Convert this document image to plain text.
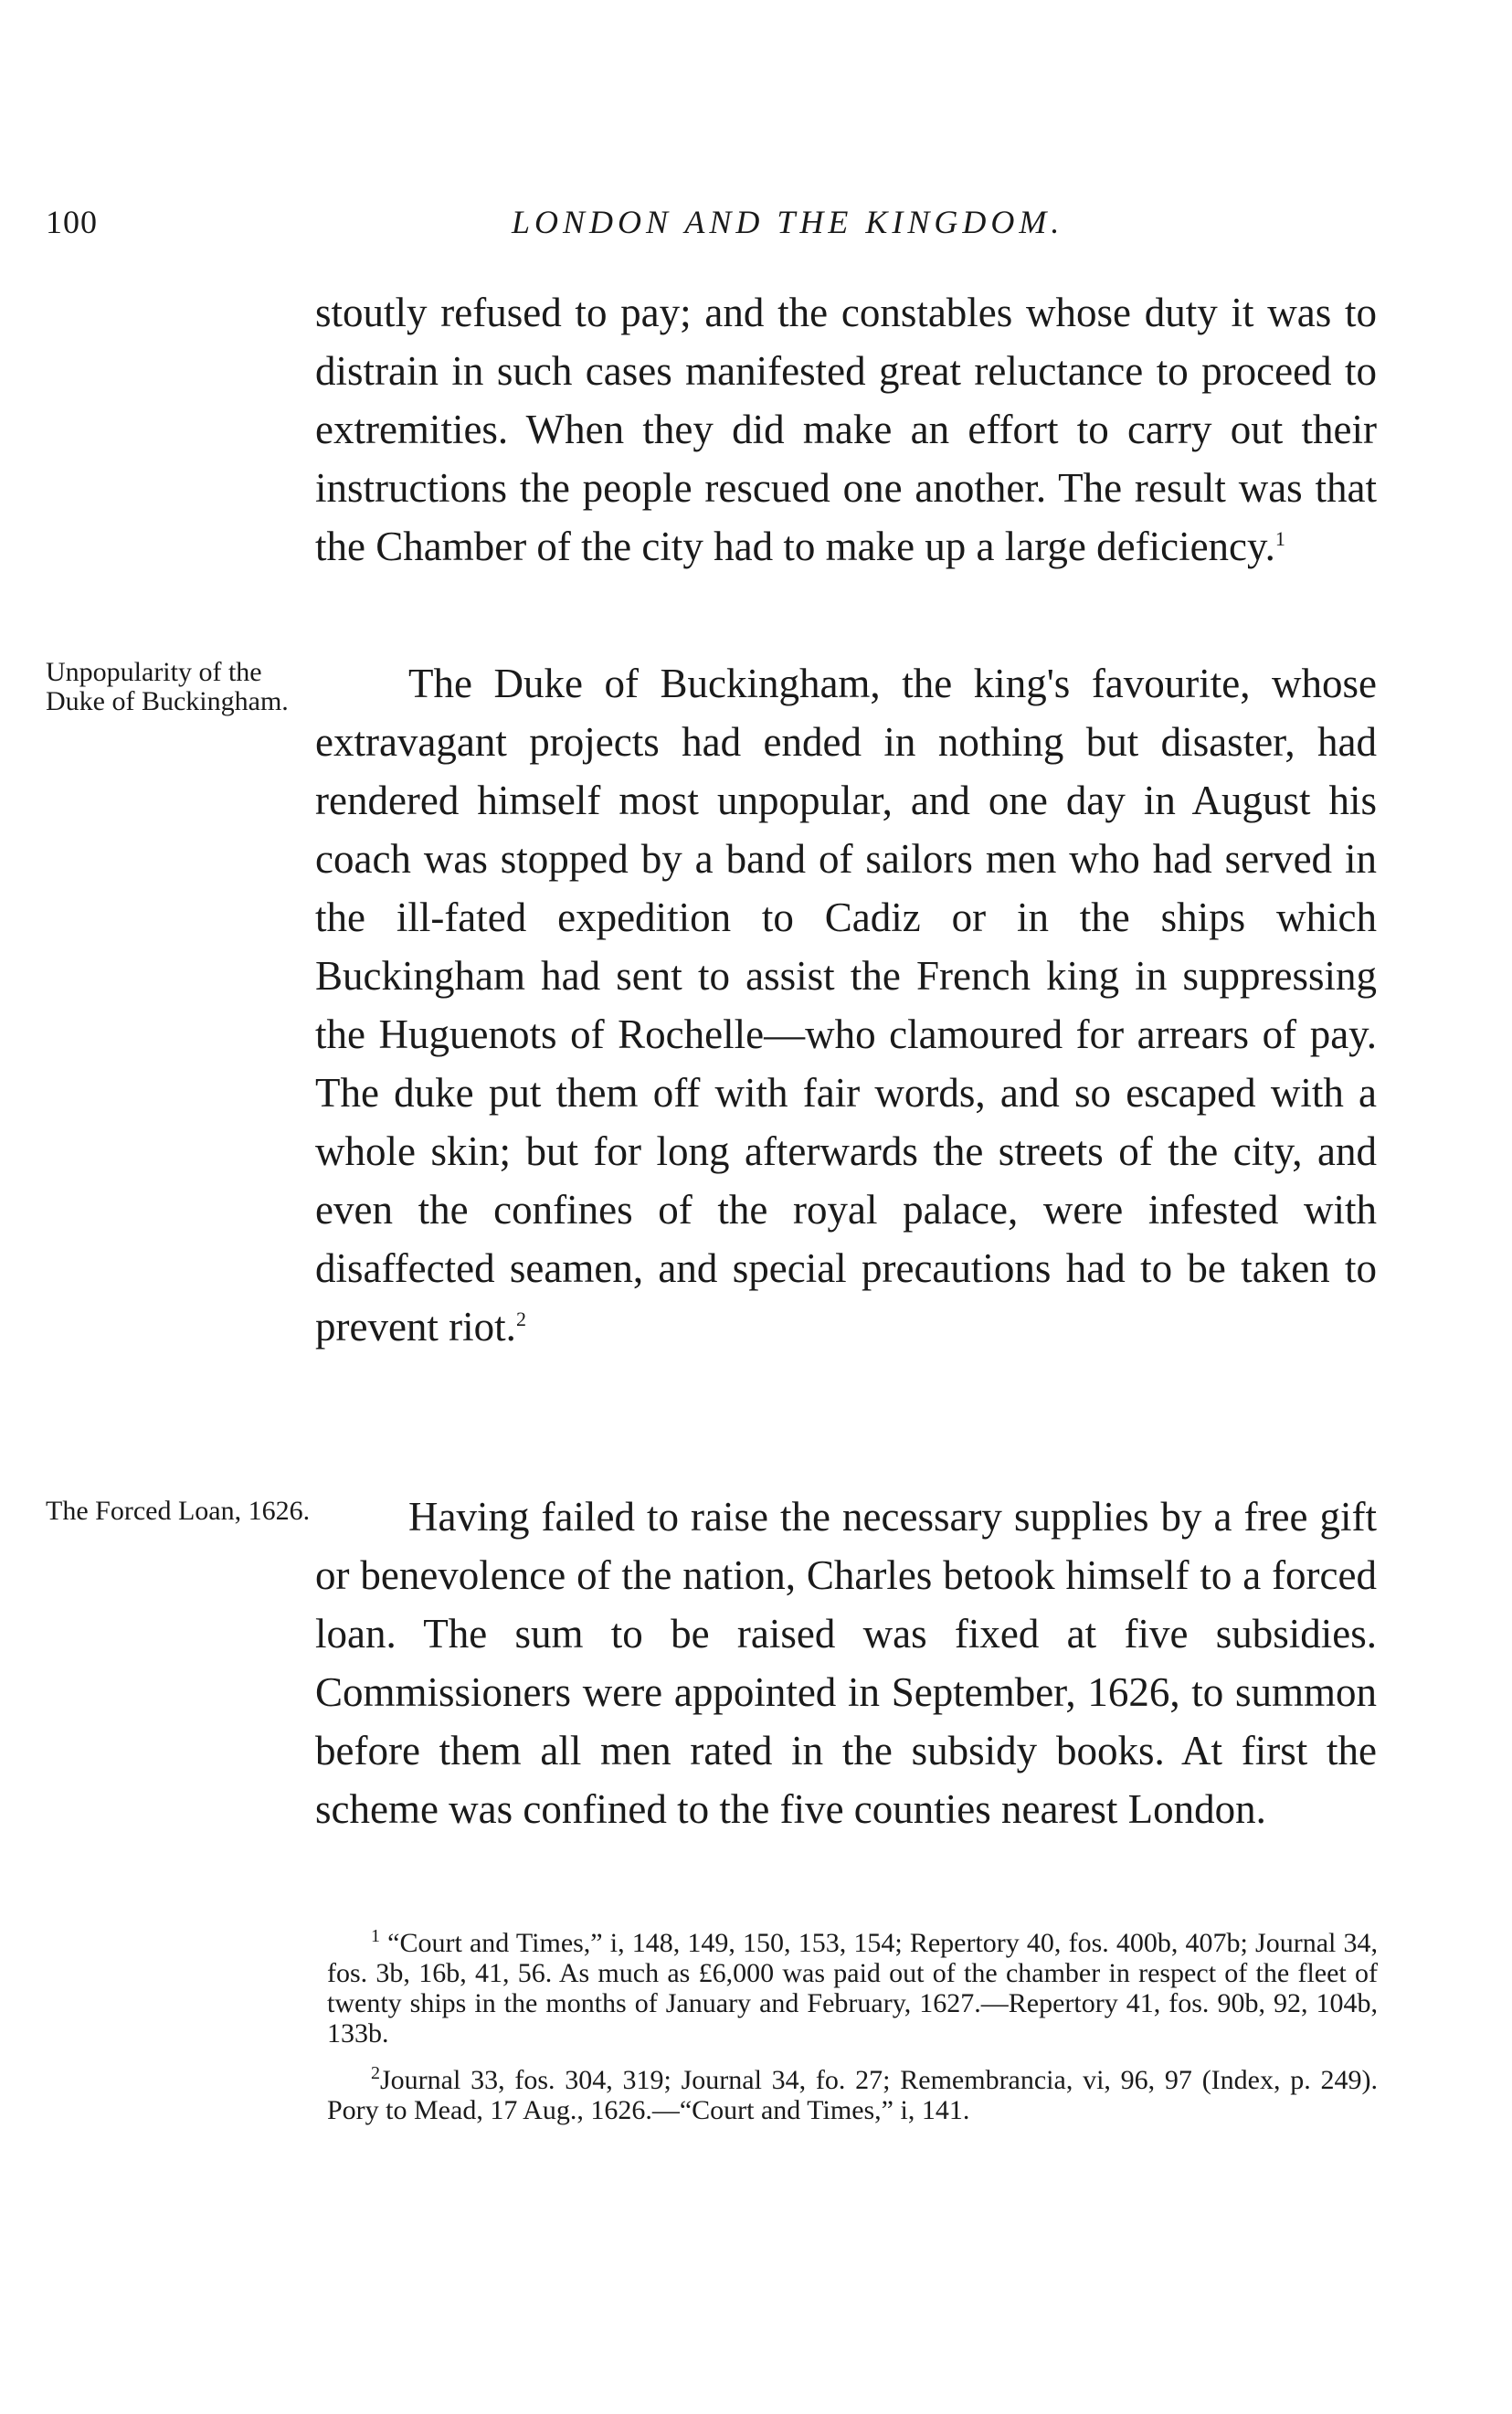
100	LONDON AND THE KINGDOM.
Unpopularity of the Duke of Buckingham.
The Forced Loan, 1626.

stoutly refused to pay; and the constables whose duty it was to distrain in such cases manifested great reluctance to proceed to extremities. When they did make an effort to carry out their instructions the people rescued one another. The result was that the Chamber of the city had to make up a large deficiency.$^1$

The Duke of Buckingham, the king's favourite, whose extravagant projects had ended in nothing but disaster, had rendered himself most unpopular, and one day in August his coach was stopped by a band of sailors men who had served in the ill-fated expedition to Cadiz or in the ships which Buckingham had sent to assist the French king in suppressing the Huguenots of Rochelle—who clamoured for arrears of pay. The duke put them off with fair words, and so escaped with a whole skin; but for long afterwards the streets of the city, and even the confines of the royal palace, were infested with disaffected seamen, and special precautions had to be taken to prevent riot.$^2$

Having failed to raise the necessary supplies by a free gift or benevolence of the nation, Charles betook himself to a forced loan. The sum to be raised was fixed at five subsidies. Commissioners were appointed in September, 1626, to summon before them all men rated in the subsidy books. At first the scheme was confined to the five counties nearest London.

$^1$ “Court and Times,” i, 148, 149, 150, 153, 154; Repertory 40, fos. 400b, 407b; Journal 34, fos. 3b, 16b, 41, 56. As much as £6,000 was paid out of the chamber in respect of the fleet of twenty ships in the months of January and February, 1627.—Repertory 41, fos. 90b, 92, 104b, 133b.

$^2$Journal 33, fos. 304, 319; Journal 34, fo. 27; Remembrancia, vi, 96, 97 (Index, p. 249). Pory to Mead, 17 Aug., 1626.—“Court and Times,” i, 141.
